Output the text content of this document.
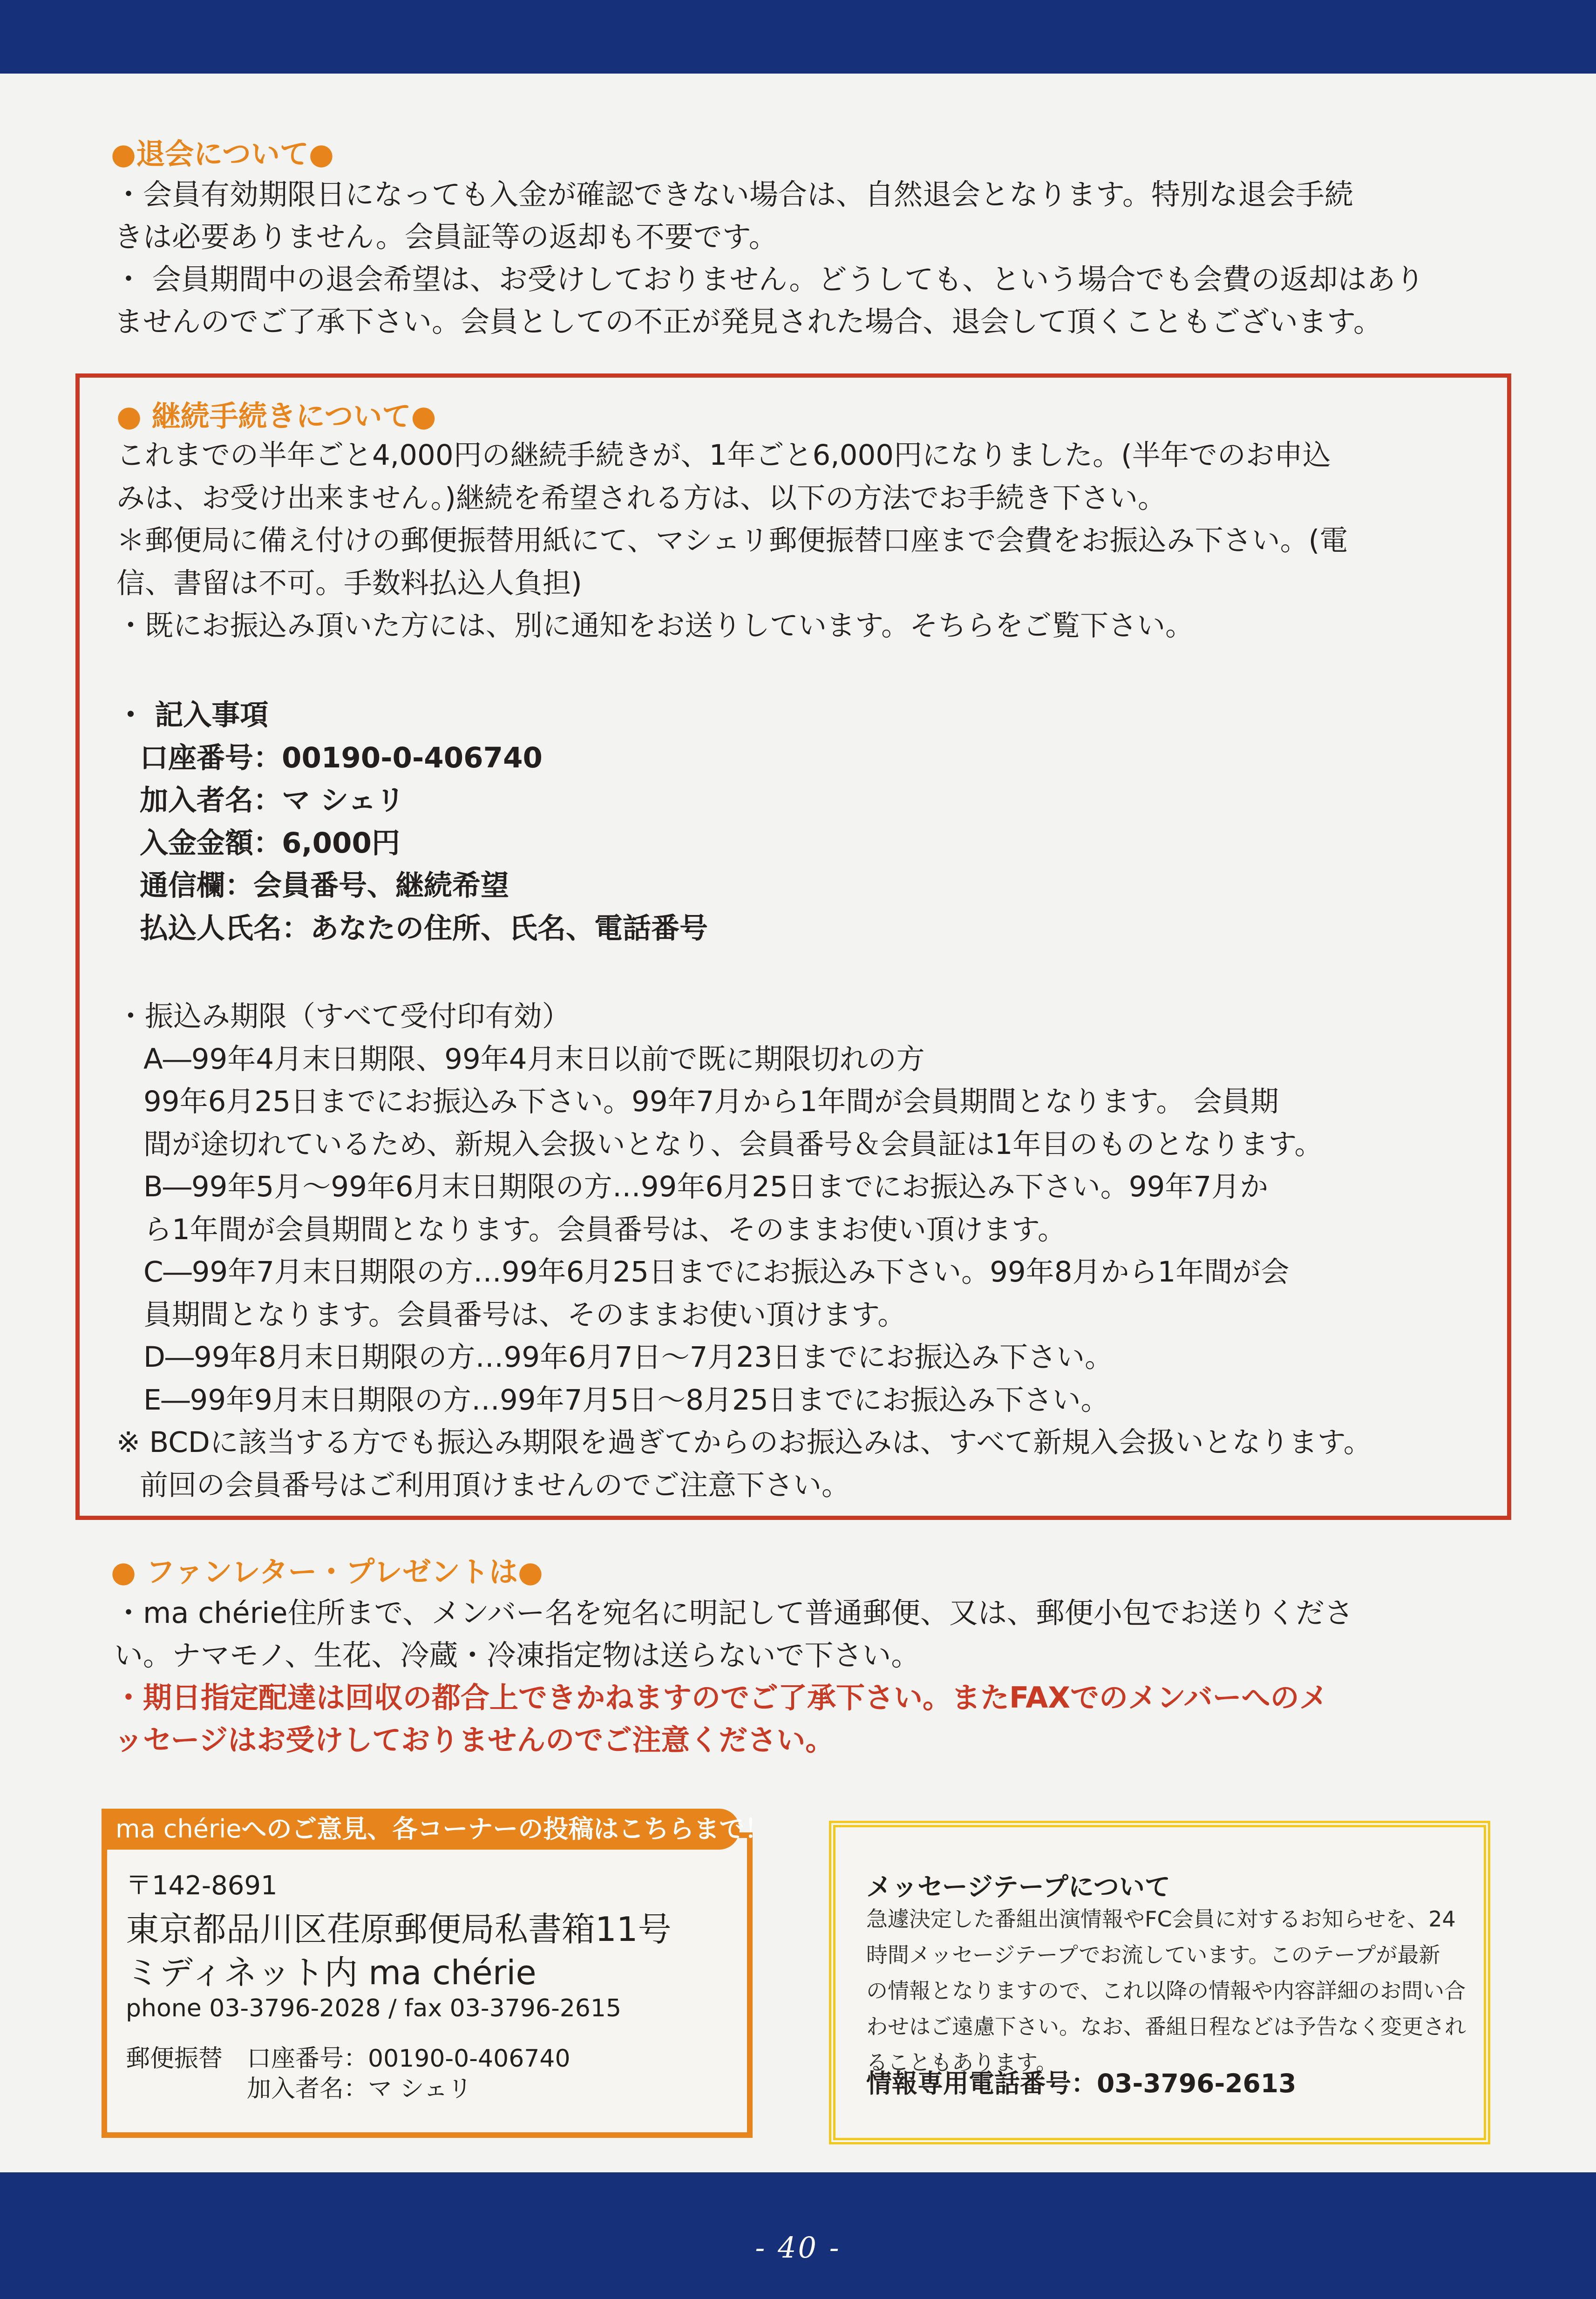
●退会について●

・会員有効期限日になっても入金が確認できない場合は、自然退会となります。特別な退会手続

きは必要ありません。会員証等の返却も不要です。

・ 会員期間中の退会希望は、お受けしておりません。どうしても、という場合でも会費の返却はあり

ませんのでご了承下さい。会員としての不正が発見された場合、退会して頂くこともございます。

● 継続手続きについて●

これまでの半年ごと4,000円の継続手続きが、1年ごと6,000円になりました。(半年でのお申込

みは、お受け出来ません。)継続を希望される方は、以下の方法でお手続き下さい。

＊郵便局に備え付けの郵便振替用紙にて、マシェリ郵便振替口座まで会費をお振込み下さい。(電

信、書留は不可。手数料払込人負担)

・既にお振込み頂いた方には、別に通知をお送りしています。そちらをご覧下さい。

・ 記入事項

口座番号：00190-0-406740

加入者名：マ シェリ

入金金額：6,000円

通信欄：会員番号、継続希望

払込人氏名：あなたの住所、氏名、電話番号

・振込み期限（すべて受付印有効）

A―99年4月末日期限、99年4月末日以前で既に期限切れの方

99年6月25日までにお振込み下さい。99年7月から1年間が会員期間となります。 会員期

間が途切れているため、新規入会扱いとなり、会員番号＆会員証は1年目のものとなります。

B―99年5月～99年6月末日期限の方…99年6月25日までにお振込み下さい。99年7月か

ら1年間が会員期間となります。会員番号は、そのままお使い頂けます。

C―99年7月末日期限の方…99年6月25日までにお振込み下さい。99年8月から1年間が会

員期間となります。会員番号は、そのままお使い頂けます。

D―99年8月末日期限の方…99年6月7日～7月23日までにお振込み下さい。

E―99年9月末日期限の方…99年7月5日～8月25日までにお振込み下さい。

※ BCDに該当する方でも振込み期限を過ぎてからのお振込みは、すべて新規入会扱いとなります。

前回の会員番号はご利用頂けませんのでご注意下さい。

● ファンレター・プレゼントは●

・ma chérie住所まで、メンバー名を宛名に明記して普通郵便、又は、郵便小包でお送りくださ

い。ナマモノ、生花、冷蔵・冷凍指定物は送らないで下さい。

・期日指定配達は回収の都合上できかねますのでご了承下さい。またFAXでのメンバーへのメ

ッセージはお受けしておりませんのでご注意ください。

ma chérieへのご意見、各コーナーの投稿はこちらまで！
〒142-8691
東京都品川区荏原郵便局私書箱11号
ミディネット内 ma chérie
phone 03-3796-2028 / fax 03-3796-2615
郵便振替 口座番号：00190-0-406740
加入者名：マ シェリ
メッセージテープについて
急遽決定した番組出演情報やFC会員に対するお知らせを、24
時間メッセージテープでお流しています。このテープが最新
の情報となりますので、これ以降の情報や内容詳細のお問い合
わせはご遠慮下さい。なお、番組日程などは予告なく変更され
ることもあります。
情報専用電話番号：03-3796-2613
- 40 -
